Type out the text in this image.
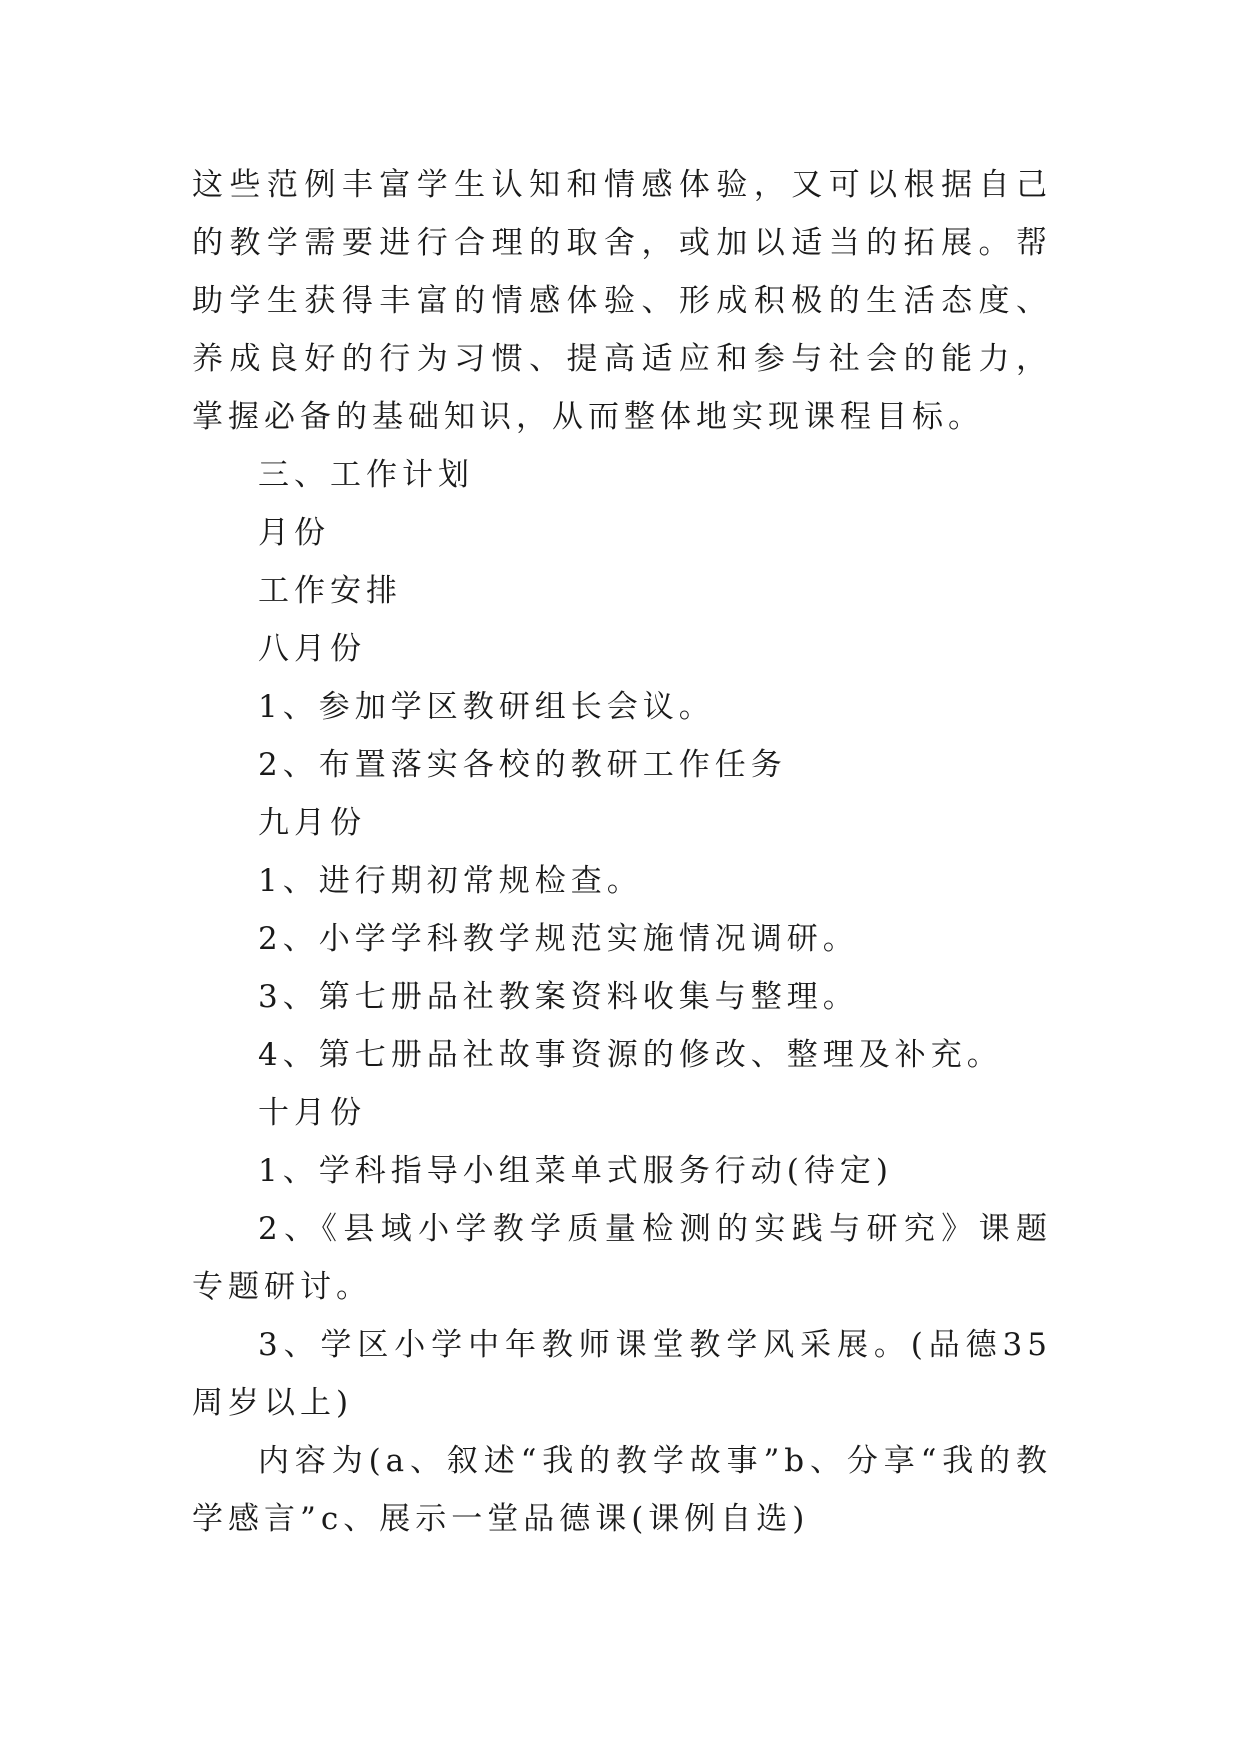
这些范例丰富学生认知和情感体验，又可以根据自己的教学需要进行合理的取舍，或加以适当的拓展。帮助学生获得丰富的情感体验、形成积极的生活态度、养成良好的行为习惯、提高适应和参与社会的能力，掌握必备的基础知识，从而整体地实现课程目标。

三、工作计划

月份

工作安排

八月份

1、参加学区教研组长会议。

2、布置落实各校的教研工作任务

九月份

1、进行期初常规检查。

2、小学学科教学规范实施情况调研。

3、第七册品社教案资料收集与整理。

4、第七册品社故事资源的修改、整理及补充。

十月份

1、学科指导小组菜单式服务行动(待定)

2、《县域小学教学质量检测的实践与研究》课题专题研讨。

3、学区小学中年教师课堂教学风采展。(品德35周岁以上)

内容为(a、叙述“我的教学故事”b、分享“我的教学感言”c、展示一堂品德课(课例自选)
